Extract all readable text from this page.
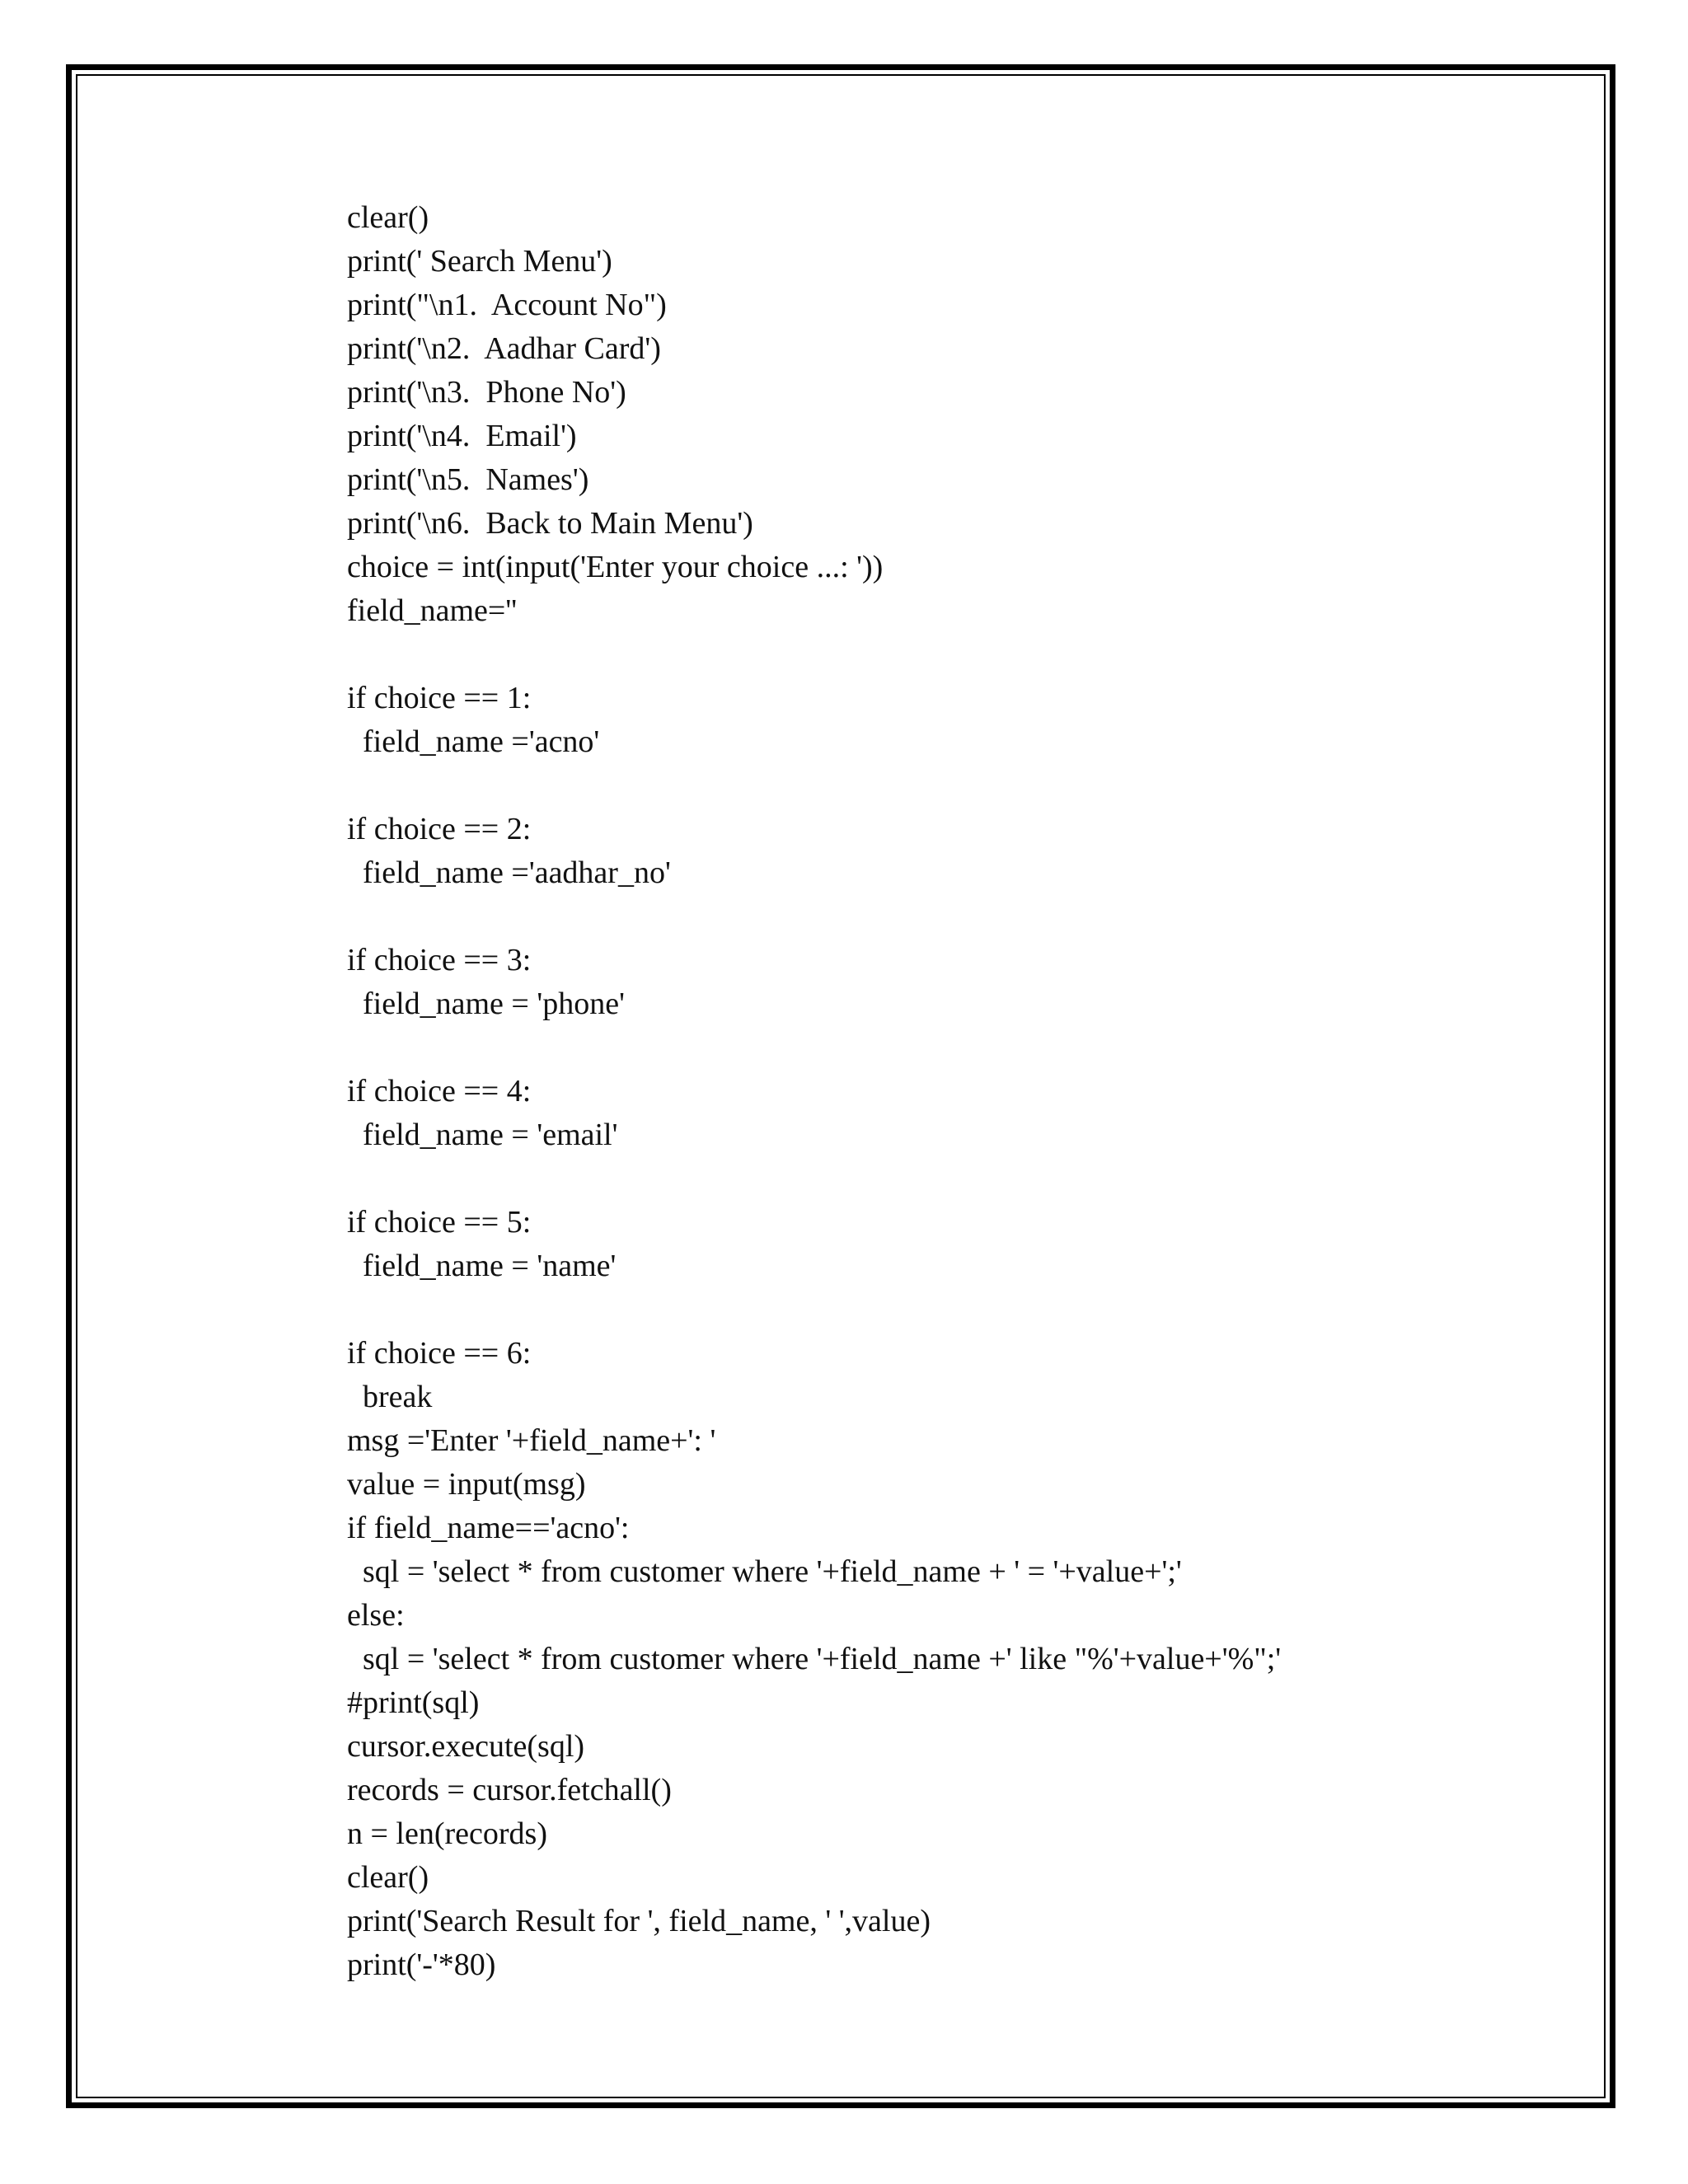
clear()
print(' Search Menu')
print("\n1.  Account No")
print('\n2.  Aadhar Card')
print('\n3.  Phone No')
print('\n4.  Email')
print('\n5.  Names')
print('\n6.  Back to Main Menu')
choice = int(input('Enter your choice ...: '))
field_name=''
if choice == 1:
field_name ='acno'
if choice == 2:
field_name ='aadhar_no'
if choice == 3:
field_name = 'phone'
if choice == 4:
field_name = 'email'
if choice == 5:
field_name = 'name'
if choice == 6:
break
msg ='Enter '+field_name+': '
value = input(msg)
if field_name=='acno':
sql = 'select * from customer where '+field_name + ' = '+value+';'
else:
sql = 'select * from customer where '+field_name +' like "%'+value+'%";'
#print(sql)
cursor.execute(sql)
records = cursor.fetchall()
n = len(records)
clear()
print('Search Result for ', field_name, ' ',value)
print('-'*80)
